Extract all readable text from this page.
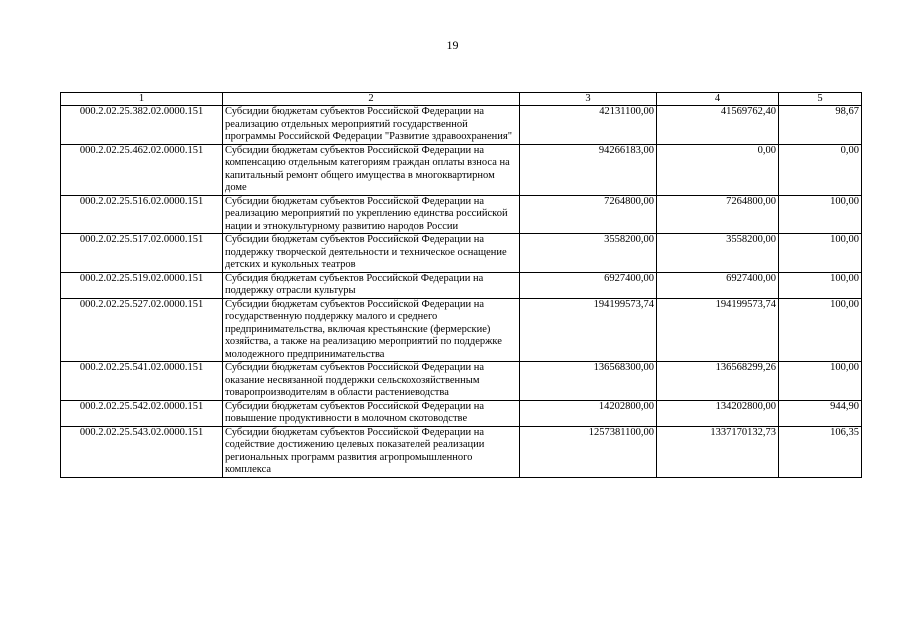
19
1	2	3	4	5
000.2.02.25.382.02.0000.151	Субсидии бюджетам субъектов Российской Федерации на реализацию отдельных мероприятий государственной программы Российской Федерации "Развитие здравоохранения"	42131100,00	41569762,40	98,67
000.2.02.25.462.02.0000.151	Субсидии бюджетам субъектов Российской Федерации на компенсацию отдельным категориям граждан оплаты взноса на капитальный ремонт общего имущества в многоквартирном доме	94266183,00	0,00	0,00
000.2.02.25.516.02.0000.151	Субсидии бюджетам субъектов Российской Федерации на реализацию мероприятий по укреплению единства российской нации и этнокультурному развитию народов России	7264800,00	7264800,00	100,00
000.2.02.25.517.02.0000.151	Субсидии бюджетам субъектов Российской Федерации на поддержку творческой деятельности и техническое оснащение детских и кукольных театров	3558200,00	3558200,00	100,00
000.2.02.25.519.02.0000.151	Субсидия бюджетам субъектов Российской Федерации на поддержку отрасли культуры	6927400,00	6927400,00	100,00
000.2.02.25.527.02.0000.151	Субсидии бюджетам субъектов Российской Федерации на государственную поддержку малого и среднего предпринимательства, включая крестьянские (фермерские) хозяйства, а также на реализацию мероприятий по поддержке молодежного предпринимательства	194199573,74	194199573,74	100,00
000.2.02.25.541.02.0000.151	Субсидии бюджетам субъектов Российской Федерации на оказание несвязанной поддержки сельскохозяйственным товаропроизводителям в области растениеводства	136568300,00	136568299,26	100,00
000.2.02.25.542.02.0000.151	Субсидии бюджетам субъектов Российской Федерации на повышение продуктивности в молочном скотоводстве	14202800,00	134202800,00	944,90
000.2.02.25.543.02.0000.151	Субсидии бюджетам субъектов Российской Федерации на содействие достижению целевых показателей реализации региональных программ развития агропромышленного комплекса	1257381100,00	1337170132,73	106,35
